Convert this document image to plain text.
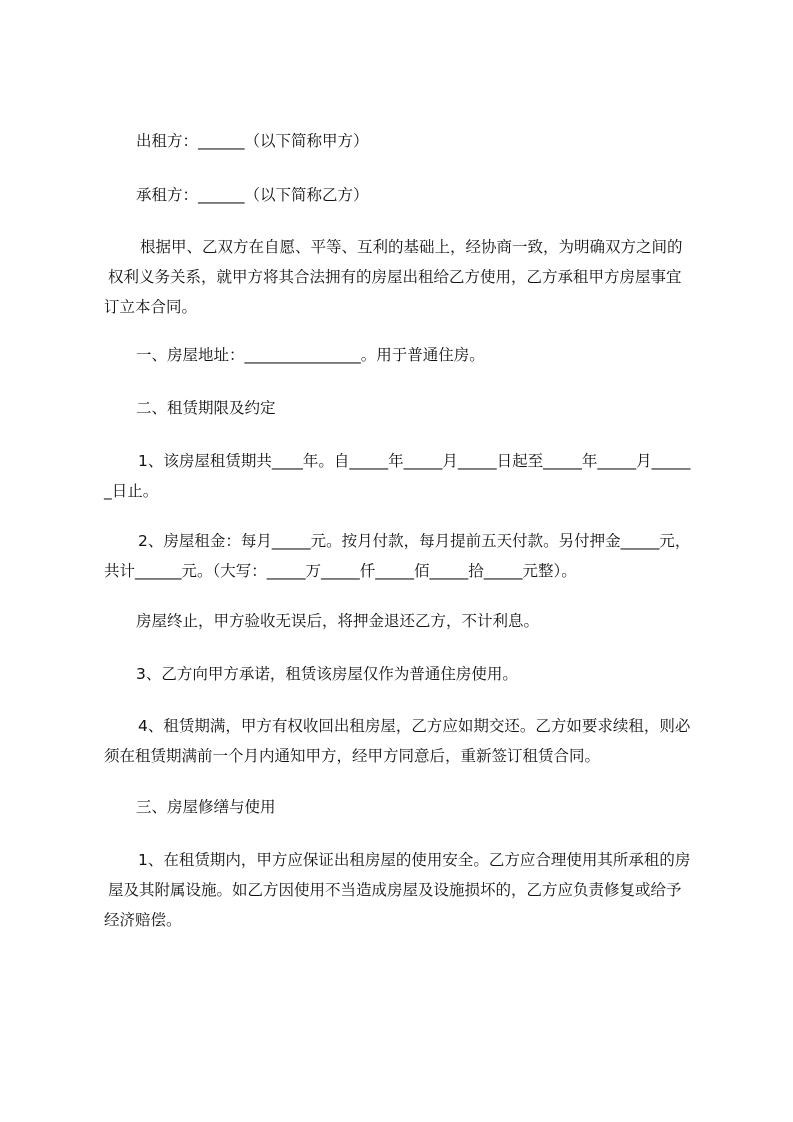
出租方：______（以下简称甲方）

承租方：______（以下简称乙方）

根据甲、乙双方在自愿、平等、互利的基础上，经协商一致，为明确双方之间的
权利义务关系，就甲方将其合法拥有的房屋出租给乙方使用，乙方承租甲方房屋事宜
订立本合同。

一、房屋地址：_______________。用于普通住房。

二、租赁期限及约定

1、该房屋租赁期共____年。自_____年_____月_____日起至_____年_____月_____
_日止。

2、房屋租金：每月_____元。按月付款，每月提前五天付款。另付押金_____元，
共计______元。（大写：_____万_____仟_____佰_____拾_____元整）。

房屋终止，甲方验收无误后，将押金退还乙方，不计利息。

3、乙方向甲方承诺，租赁该房屋仅作为普通住房使用。

4、租赁期满，甲方有权收回出租房屋，乙方应如期交还。乙方如要求续租，则必
须在租赁期满前一个月内通知甲方，经甲方同意后，重新签订租赁合同。

三、房屋修缮与使用

1、在租赁期内，甲方应保证出租房屋的使用安全。乙方应合理使用其所承租的房
屋及其附属设施。如乙方因使用不当造成房屋及设施损坏的，乙方应负责修复或给予
经济赔偿。
